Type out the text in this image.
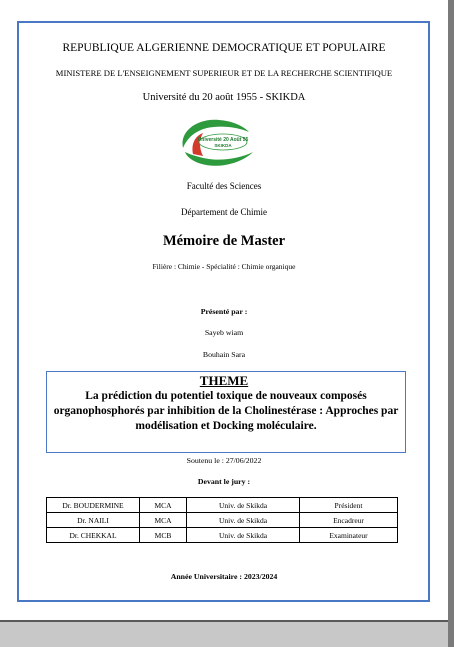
REPUBLIQUE ALGERIENNE DEMOCRATIQUE ET POPULAIRE
MINISTERE DE L'ENSEIGNEMENT SUPERIEUR ET DE LA RECHERCHE SCIENTIFIQUE
Université du 20 août 1955 - SKIKDA
Université 20 Août 55
SKIKDA
Faculté des Sciences
Département de Chimie
Mémoire de Master
Filière : Chimie - Spécialité : Chimie organique
Présenté par :
Sayeb wiam
Bouhain Sara
THEME
La prédiction du potentiel toxique de nouveaux composés organophosphorés par inhibition de la Cholinestérase : Approches par modélisation et Docking moléculaire.
Soutenu le : 27/06/2022
Devant le jury :
Dr. BOUDERMINE	MCA	Univ. de Skikda	Président
Dr. NAILI	MCA	Univ. de Skikda	Encadreur
Dr. CHEKKAL	MCB	Univ. de Skikda	Examinateur
Année Universitaire : 2023/2024
